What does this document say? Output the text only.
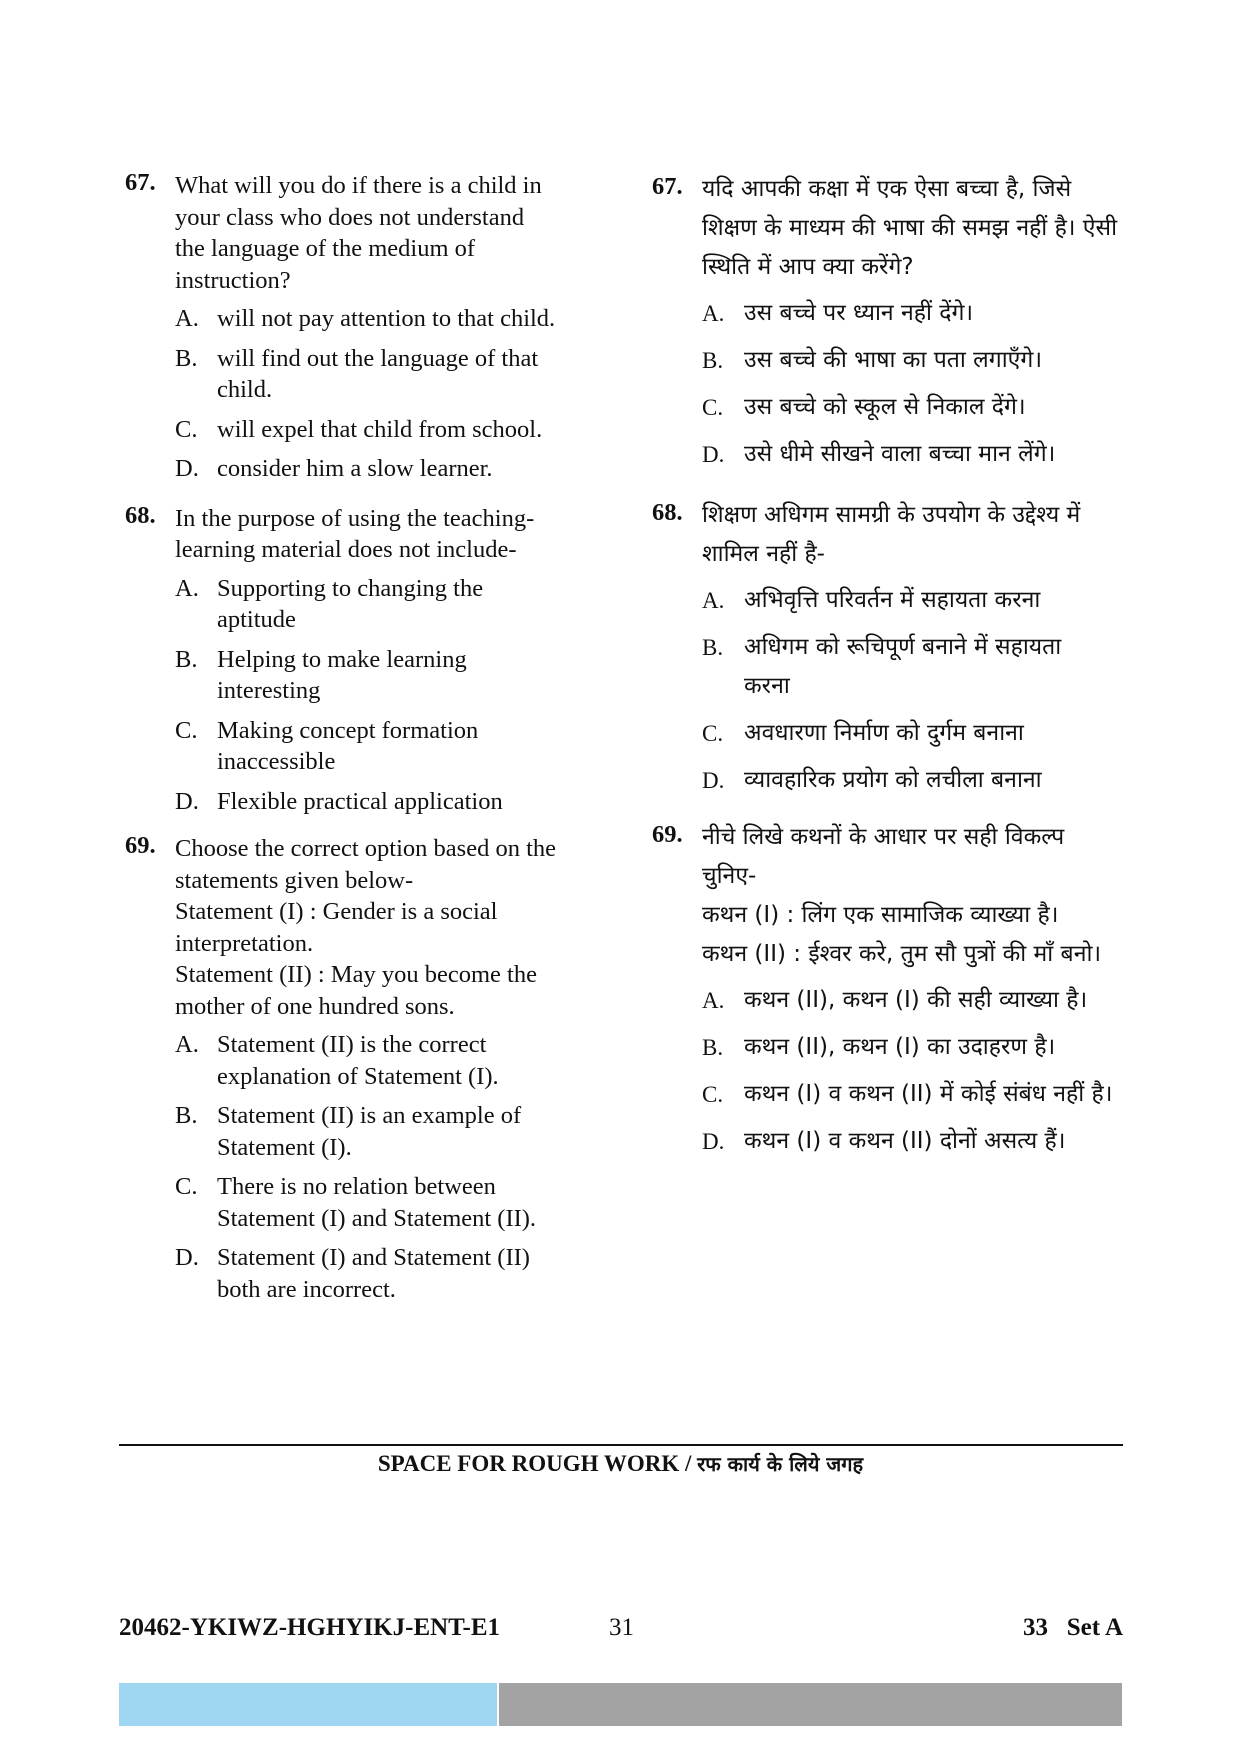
67. What will you do if there is a child in
your class who does not understand
the language of the medium of
instruction?
A. will not pay attention to that child.
B. will find out the language of that
child.
C. will expel that child from school.
D. consider him a slow learner.
68. In the purpose of using the teaching-
learning material does not include-
A. Supporting to changing the
aptitude
B. Helping to make learning
interesting
C. Making concept formation
inaccessible
D. Flexible practical application
69. Choose the correct option based on the
statements given below-
Statement (I) : Gender is a social
interpretation.
Statement (II) : May you become the
mother of one hundred sons.
A. Statement (II) is the correct
explanation of Statement (I).
B. Statement (II) is an example of
Statement (I).
C. There is no relation between
Statement (I) and Statement (II).
D. Statement (I) and Statement (II)
both are incorrect.
67. यदि आपकी कक्षा में एक ऐसा बच्चा है, जिसे
शिक्षण के माध्यम की भाषा की समझ नहीं है। ऐसी
स्थिति में आप क्या करेंगे?
A. उस बच्चे पर ध्यान नहीं देंगे।
B. उस बच्चे की भाषा का पता लगाएँगे।
C. उस बच्चे को स्कूल से निकाल देंगे।
D. उसे धीमे सीखने वाला बच्चा मान लेंगे।
68. शिक्षण अधिगम सामग्री के उपयोग के उद्देश्य में
शामिल नहीं है-
A. अभिवृत्ति परिवर्तन में सहायता करना
B. अधिगम को रूचिपूर्ण बनाने में सहायता
करना
C. अवधारणा निर्माण को दुर्गम बनाना
D. व्यावहारिक प्रयोग को लचीला बनाना
69. नीचे लिखे कथनों के आधार पर सही विकल्प
चुनिए-
कथन (I) : लिंग एक सामाजिक व्याख्या है।
कथन (II) : ईश्वर करे, तुम सौ पुत्रों की माँ बनो।
A. कथन (II), कथन (I) की सही व्याख्या है।
B. कथन (II), कथन (I) का उदाहरण है।
C. कथन (I) व कथन (II) में कोई संबंध नहीं है।
D. कथन (I) व कथन (II) दोनों असत्य हैं।
SPACE FOR ROUGH WORK / रफ कार्य के लिये जगह
20462-YKIWZ-HGHYIKJ-ENT-E1	31	33   Set A
